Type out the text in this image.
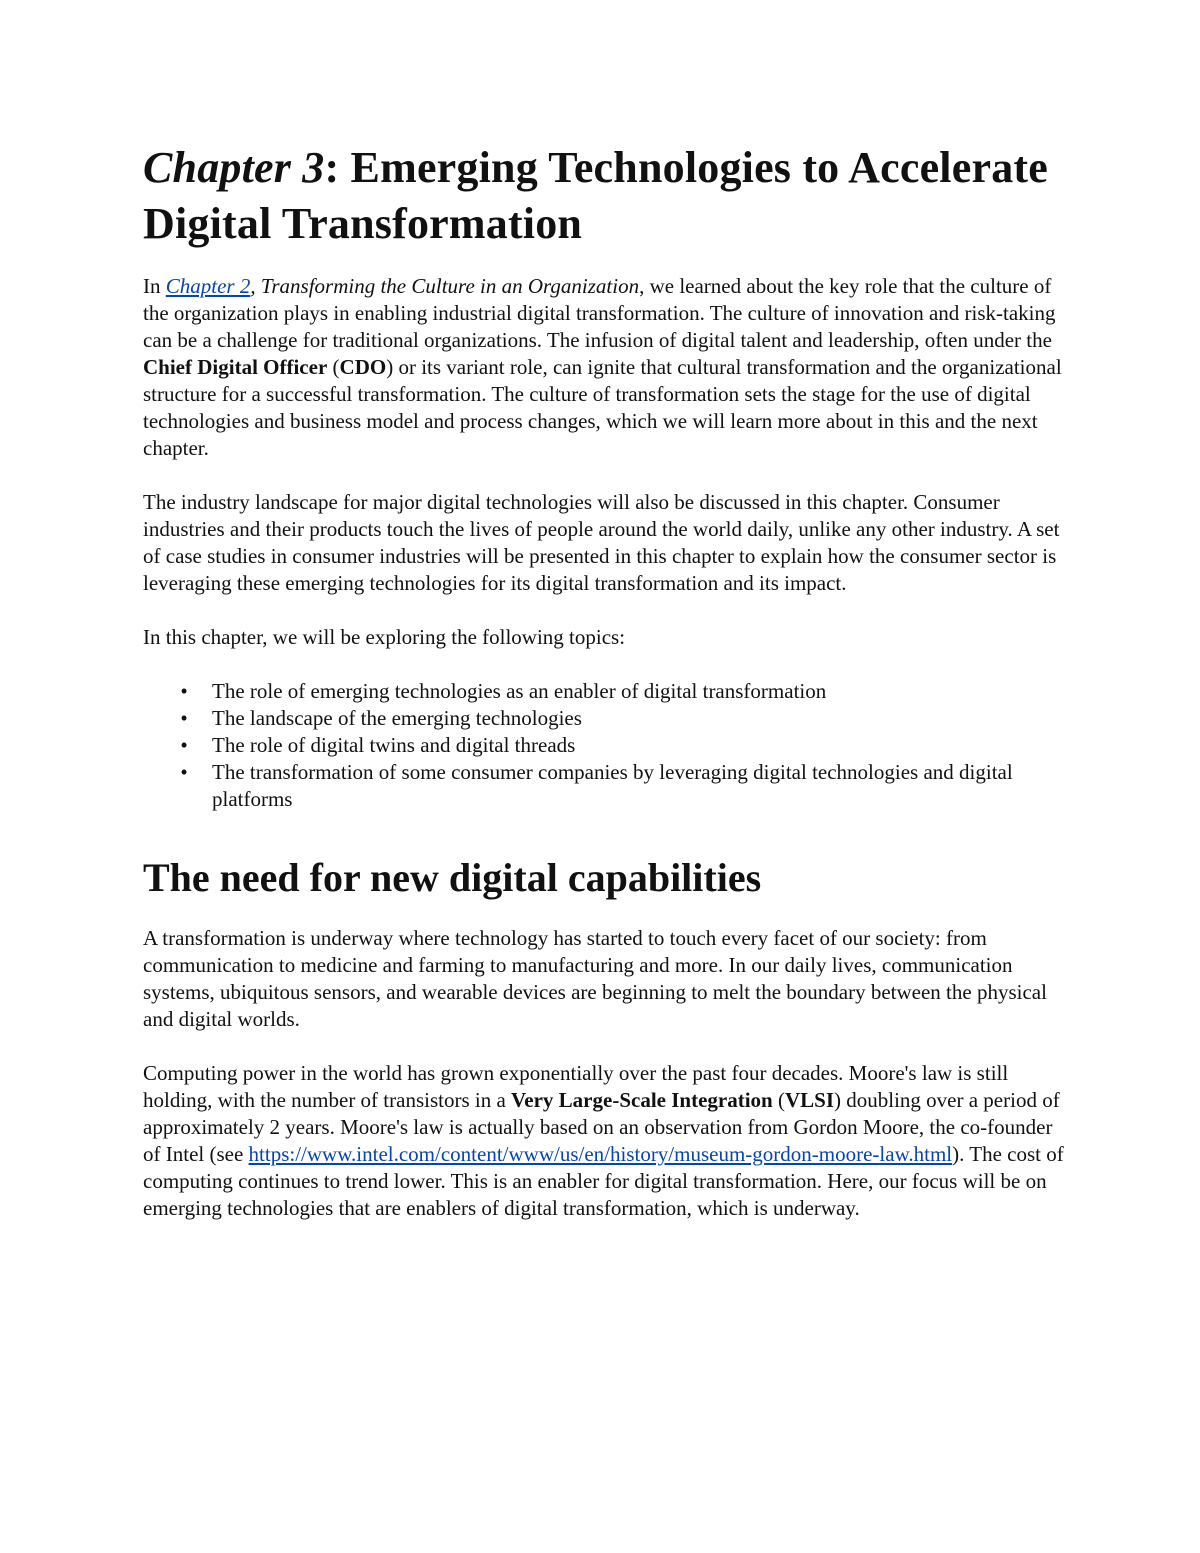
Chapter 3: Emerging Technologies to Accelerate Digital Transformation

In Chapter 2, Transforming the Culture in an Organization, we learned about the key role that the culture of the organization plays in enabling industrial digital transformation. The culture of innovation and risk-taking can be a challenge for traditional organizations. The infusion of digital talent and leadership, often under the Chief Digital Officer (CDO) or its variant role, can ignite that cultural transformation and the organizational structure for a successful transformation. The culture of transformation sets the stage for the use of digital technologies and business model and process changes, which we will learn more about in this and the next chapter.

The industry landscape for major digital technologies will also be discussed in this chapter. Consumer industries and their products touch the lives of people around the world daily, unlike any other industry. A set of case studies in consumer industries will be presented in this chapter to explain how the consumer sector is leveraging these emerging technologies for its digital transformation and its impact.

In this chapter, we will be exploring the following topics:

•	The role of emerging technologies as an enabler of digital transformation
•	The landscape of the emerging technologies
•	The role of digital twins and digital threads
•	The transformation of some consumer companies by leveraging digital technologies and digital platforms
The need for new digital capabilities

A transformation is underway where technology has started to touch every facet of our society: from communication to medicine and farming to manufacturing and more. In our daily lives, communication systems, ubiquitous sensors, and wearable devices are beginning to melt the boundary between the physical and digital worlds.

Computing power in the world has grown exponentially over the past four decades. Moore's law is still holding, with the number of transistors in a Very Large-Scale Integration (VLSI) doubling over a period of approximately 2 years. Moore's law is actually based on an observation from Gordon Moore, the co-founder of Intel (see https://www.intel.com/content/www/us/en/history/museum-gordon-moore-law.html). The cost of computing continues to trend lower. This is an enabler for digital transformation. Here, our focus will be on emerging technologies that are enablers of digital transformation, which is underway.
